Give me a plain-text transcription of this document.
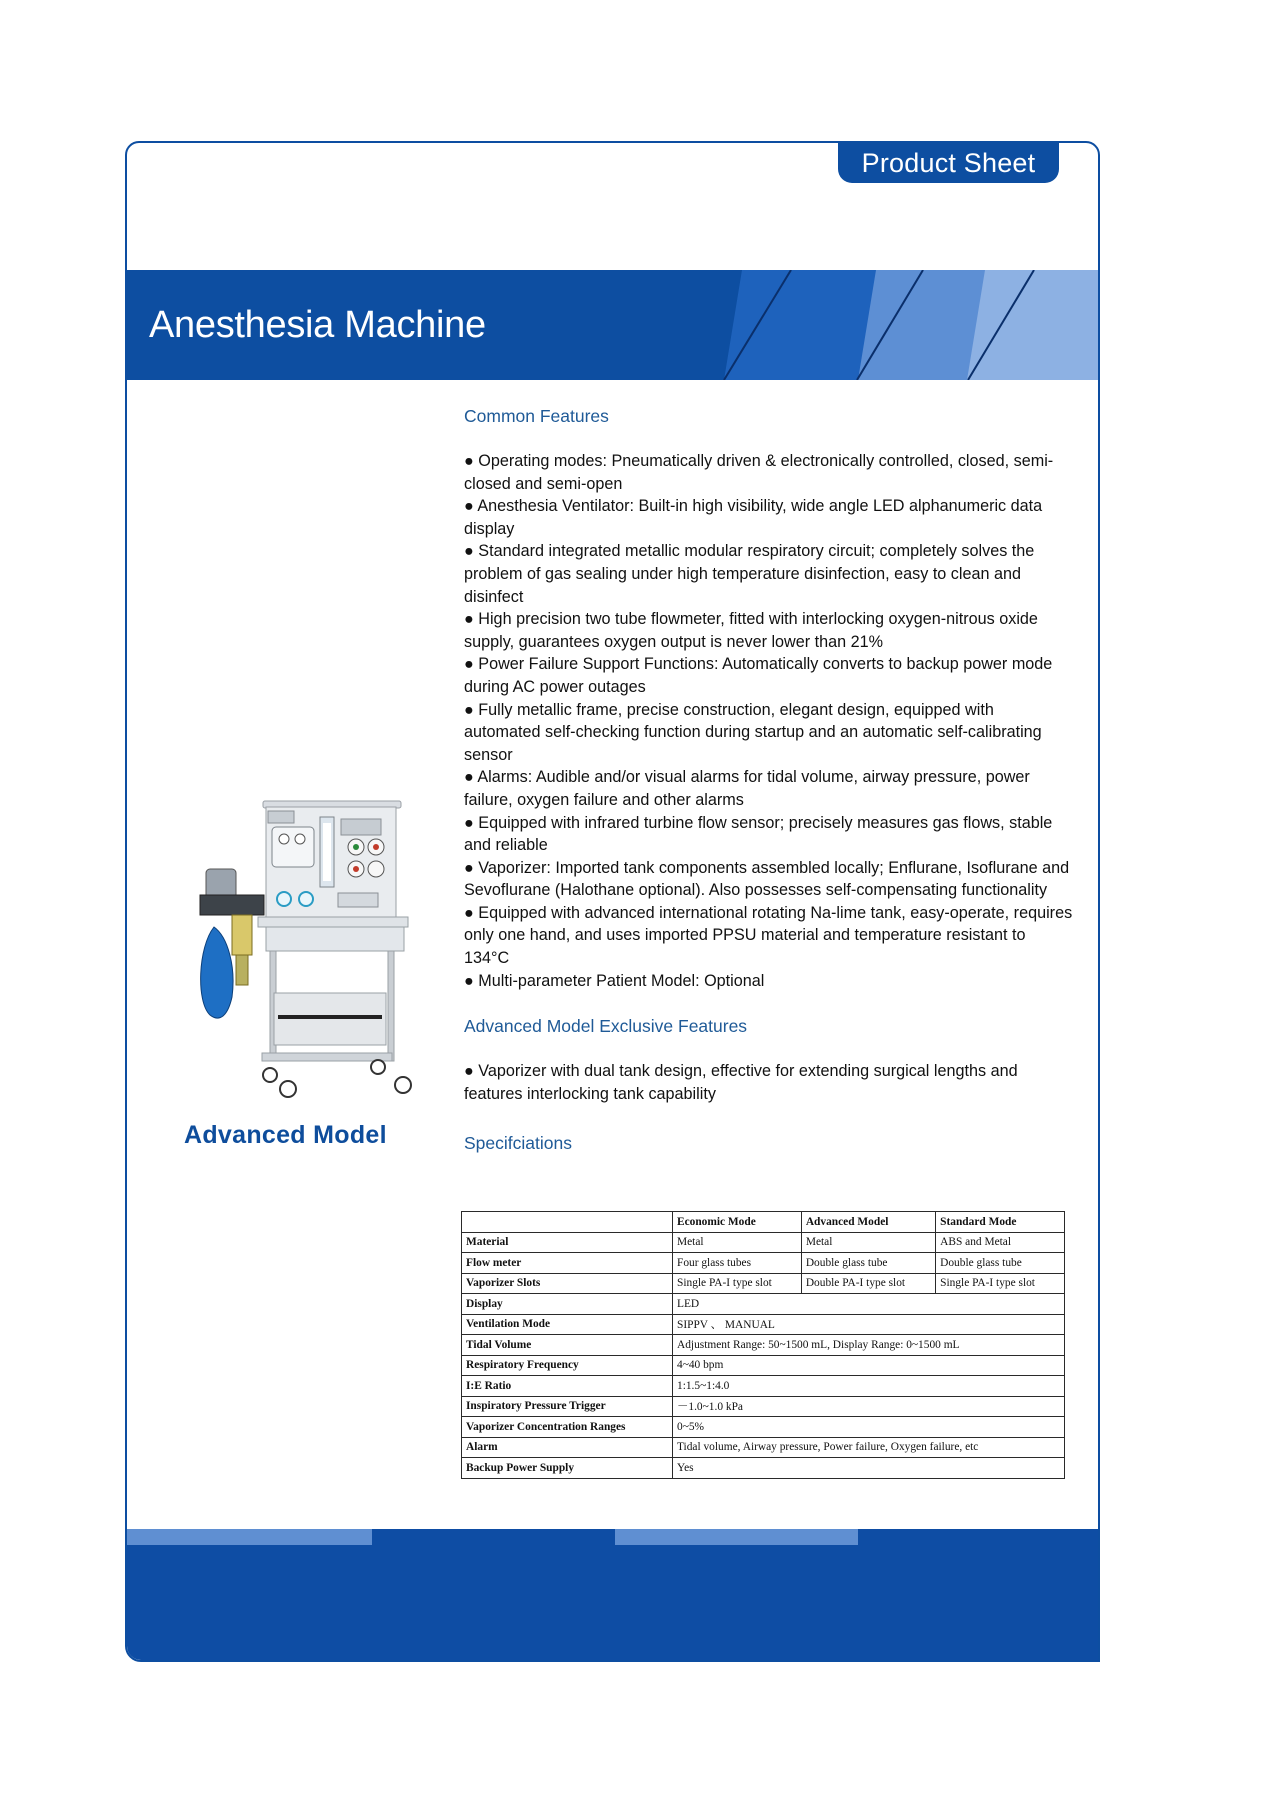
Product Sheet
Anesthesia Machine
Advanced Model
Common Features
● Operating modes: Pneumatically driven & electronically controlled, closed, semi-closed and semi-open
● Anesthesia Ventilator: Built-in high visibility, wide angle LED alphanumeric data display
● Standard integrated metallic modular respiratory circuit; completely solves the problem of gas sealing under high temperature disinfection, easy to clean and disinfect
● High precision two tube flowmeter, fitted with interlocking oxygen-nitrous oxide supply, guarantees oxygen output is never lower than 21%
● Power Failure Support Functions: Automatically converts to backup power mode during AC power outages
● Fully metallic frame, precise construction, elegant design, equipped with automated self-checking function during startup and an automatic self-calibrating sensor
● Alarms: Audible and/or visual alarms for tidal volume, airway pressure, power failure, oxygen failure and other alarms
● Equipped with infrared turbine flow sensor; precisely measures gas flows, stable and reliable
● Vaporizer: Imported tank components assembled locally; Enflurane, Isoflurane and Sevoflurane (Halothane optional). Also possesses self-compensating functionality
● Equipped with advanced international rotating Na-lime tank, easy-operate, requires only one hand, and uses imported PPSU material and temperature resistant to 134°C
● Multi-parameter Patient Model: Optional
Advanced Model Exclusive Features
● Vaporizer with dual tank design, effective for extending surgical lengths and features interlocking tank capability
Specifciations
	Economic Mode	Advanced Model	Standard Mode
Material	Metal	Metal	ABS and Metal
Flow meter	Four glass tubes	Double glass tube	Double glass tube
Vaporizer Slots	Single PA-I type slot	Double PA-I type slot	Single PA-I type slot
Display	LED		
Ventilation Mode	SIPPV 、 MANUAL		
Tidal Volume	Adjustment Range: 50~1500 mL, Display Range: 0~1500 mL		
Respiratory Frequency	4~40 bpm		
I:E Ratio	1:1.5~1:4.0		
Inspiratory Pressure Trigger	－1.0~1.0 kPa		
Vaporizer Concentration Ranges	0~5%		
Alarm	Tidal volume, Airway pressure, Power failure, Oxygen failure, etc		
Backup Power Supply	Yes		
